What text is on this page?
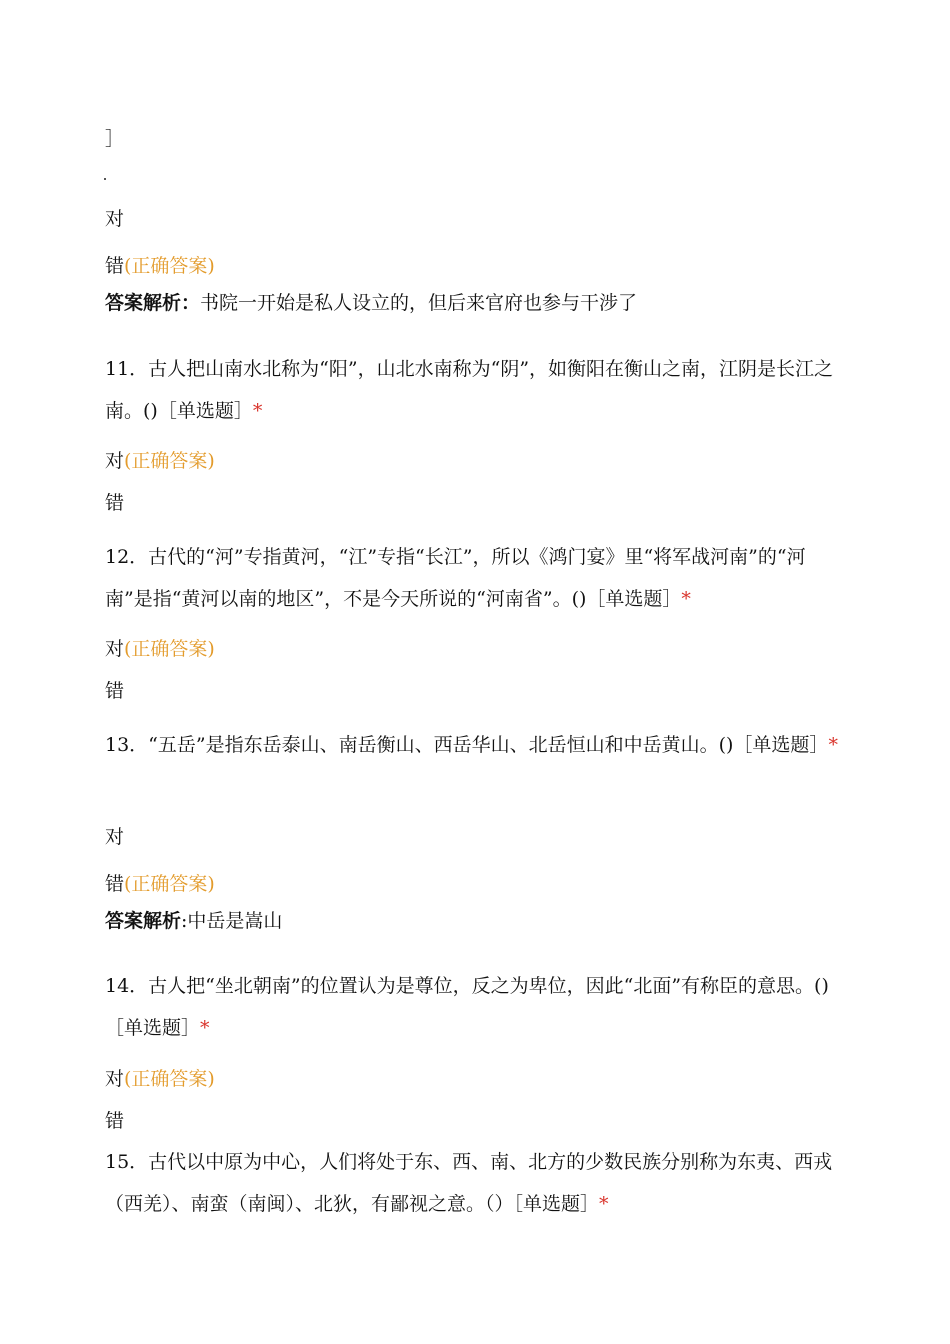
］
对
错(正确答案)
答案解析：书院一开始是私人设立的，但后来官府也参与干涉了
11．古人把山南水北称为“阳”，山北水南称为“阴”，如衡阳在衡山之南，江阴是长江之南。()［单选题］*
对(正确答案)
错
12．古代的“河”专指黄河，“江”专指“长江”，所以《鸿门宴》里“将军战河南”的“河南”是指“黄河以南的地区”，不是今天所说的“河南省”。()［单选题］*
对(正确答案)
错
13．“五岳”是指东岳泰山、南岳衡山、西岳华山、北岳恒山和中岳黄山。()［单选题］*
对
错(正确答案)
答案解析:中岳是嵩山
14．古人把“坐北朝南”的位置认为是尊位，反之为卑位，因此“北面”有称臣的意思。()［单选题］*
对(正确答案)
错
15．古代以中原为中心，人们将处于东、西、南、北方的少数民族分别称为东夷、西戎（西羌）、南蛮（南闽）、北狄，有鄙视之意。（）［单选题］*
